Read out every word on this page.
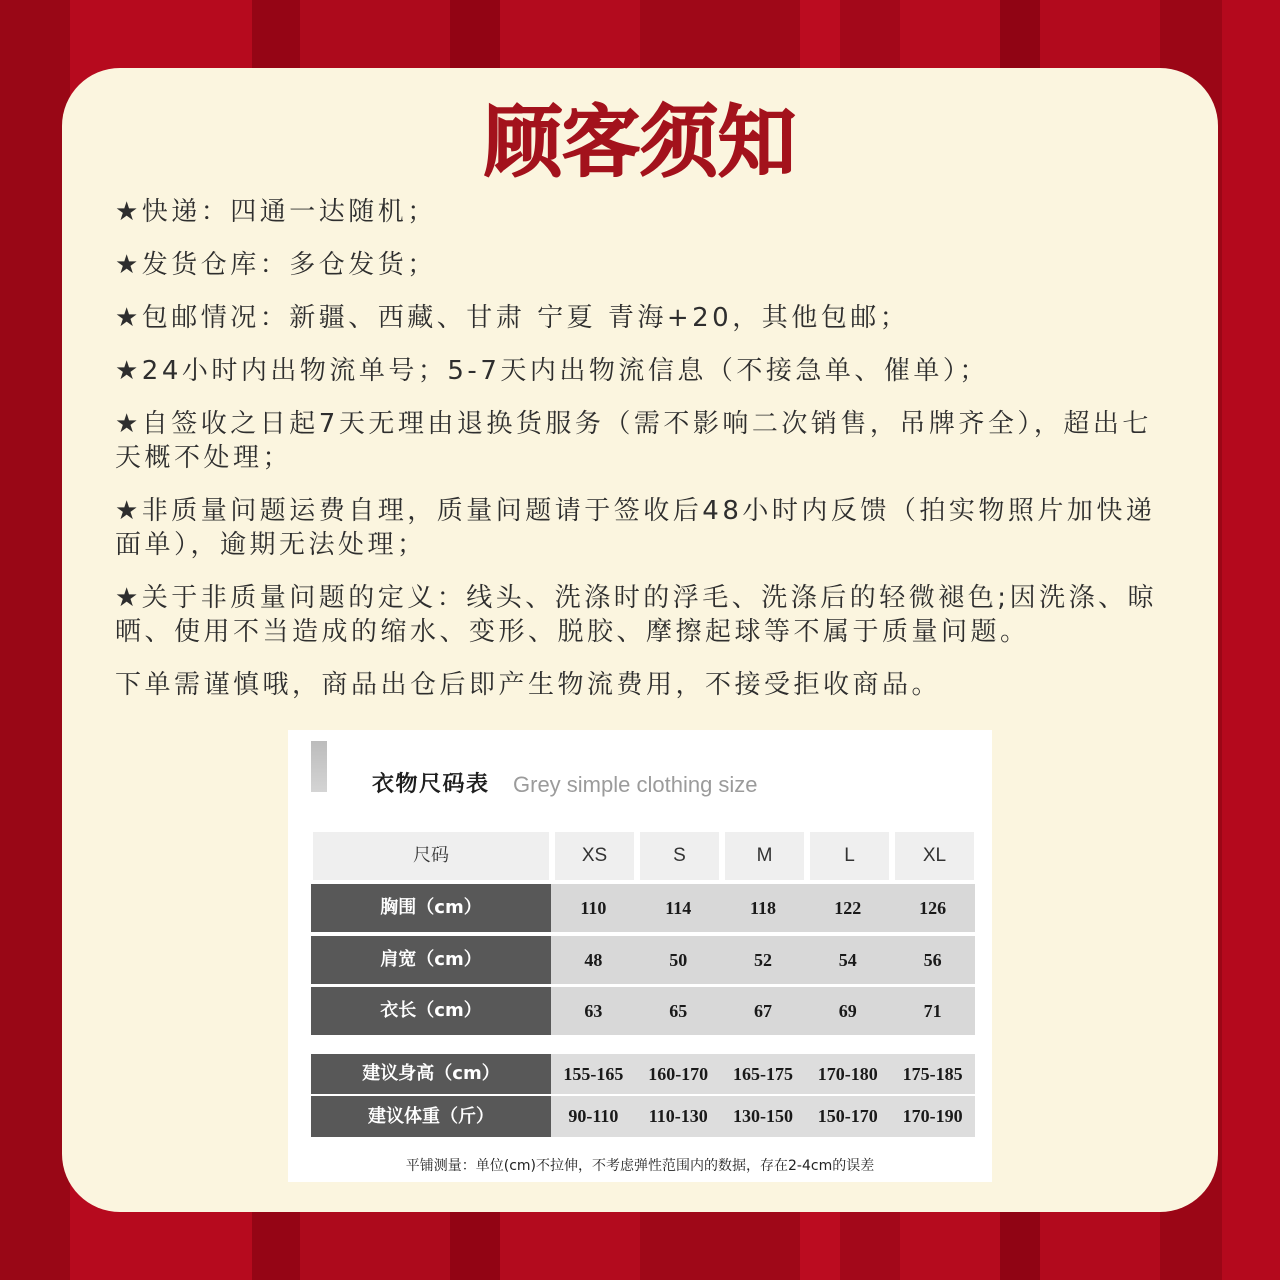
顾客须知
★快递：四通一达随机；
★发货仓库：多仓发货；
★包邮情况：新疆、西藏、甘肃 宁夏 青海+20，其他包邮；
★24小时内出物流单号；5-7天内出物流信息（不接急单、催单）；
★自签收之日起7天无理由退换货服务（需不影响二次销售，吊牌齐全），超出七天概不处理；
★非质量问题运费自理，质量问题请于签收后48小时内反馈（拍实物照片加快递面单），逾期无法处理；
★关于非质量问题的定义：线头、洗涤时的浮毛、洗涤后的轻微褪色;因洗涤、晾晒、使用不当造成的缩水、变形、脱胶、摩擦起球等不属于质量问题。
下单需谨慎哦，商品出仓后即产生物流费用，不接受拒收商品。
衣物尺码表 Grey simple clothing size
尺码	XS	S	M	L	XL
胸围（cm）	110	114	118	122	126
肩宽（cm）	48	50	52	54	56
衣长（cm）	63	65	67	69	71
建议身高（cm）	155-165	160-170	165-175	170-180	175-185
建议体重（斤）	90-110	110-130	130-150	150-170	170-190
平铺测量：单位(cm)不拉伸，不考虑弹性范围内的数据，存在2-4cm的误差
